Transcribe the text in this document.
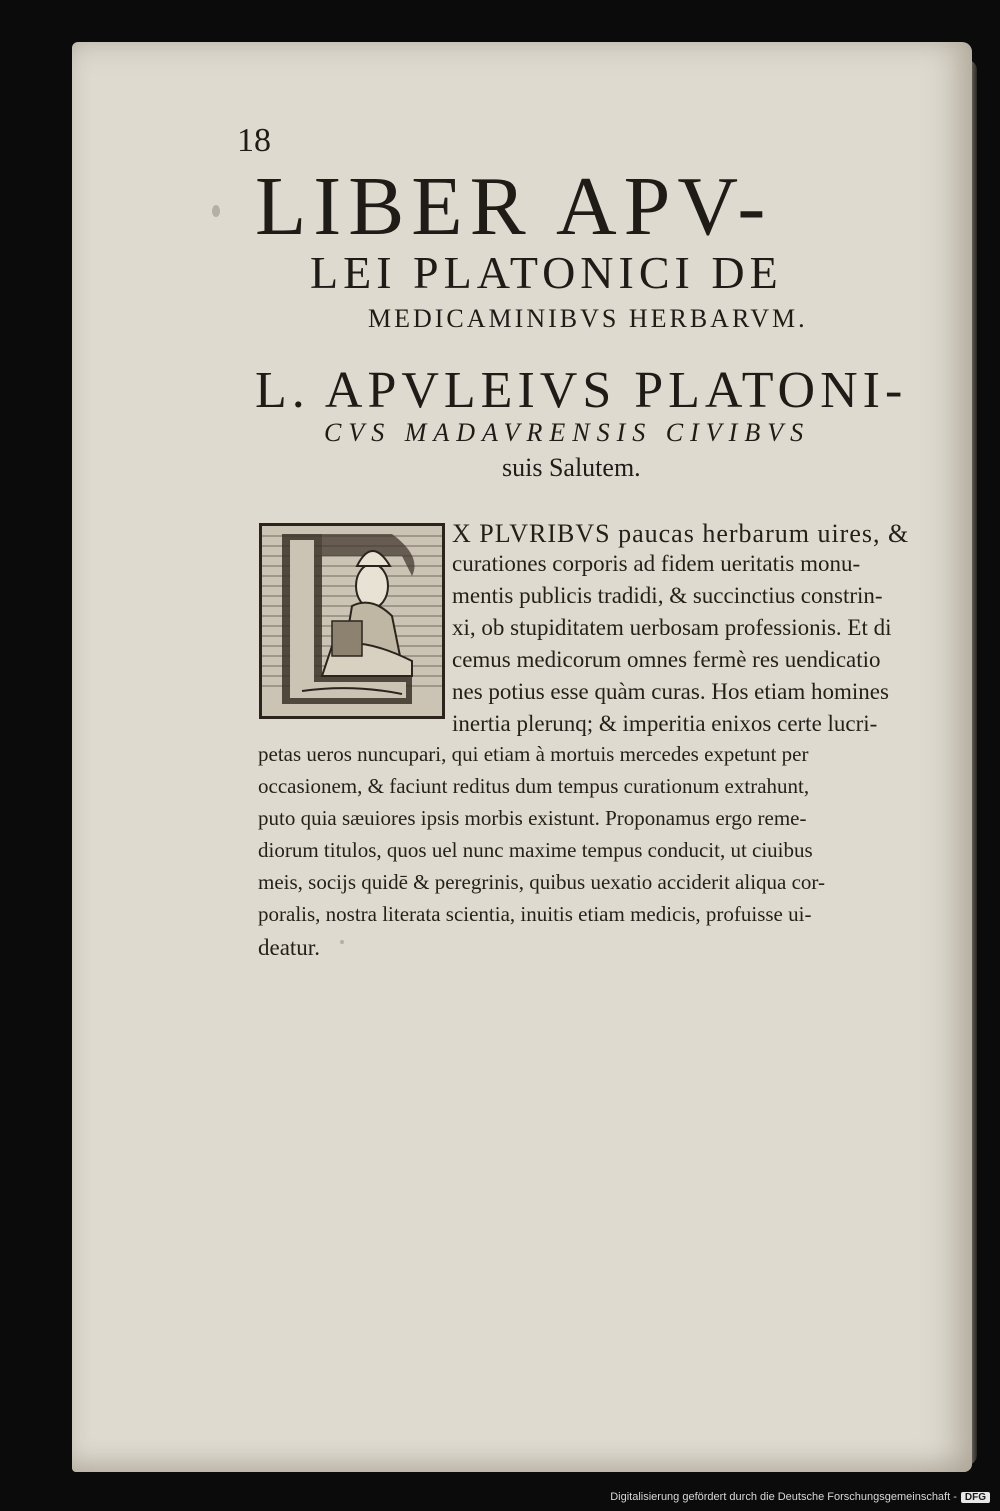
18
LIBER APV-
LEI PLATONICI DE
MEDICAMINIBVS HERBARVM.
L. APVLEIVS PLATONI-
CVS MADAVRENSIS CIVIBVS
suis Salutem.
X PLVRIBVS paucas herbarum uires, &
curationes corporis ad fidem ueritatis monu-
mentis publicis tradidi, & succinctius constrin-
xi, ob stupiditatem uerbosam professionis. Et di
cemus medicorum omnes fermè res uendicatio
nes potius esse quàm curas. Hos etiam homines
inertia plerunq; & imperitia enixos certe lucri-
petas ueros nuncupari, qui etiam à mortuis mercedes expetunt per
occasionem, & faciunt reditus dum tempus curationum extrahunt,
puto quia sæuiores ipsis morbis existunt. Proponamus ergo reme-
diorum titulos, quos uel nunc maxime tempus conducit, ut ciuibus
meis, socijs quidē & peregrinis, quibus uexatio acciderit aliqua cor-
poralis, nostra literata scientia, inuitis etiam medicis, profuisse ui-
deatur.
Digitalisierung gefördert durch die Deutsche Forschungsgemeinschaft - DFG
